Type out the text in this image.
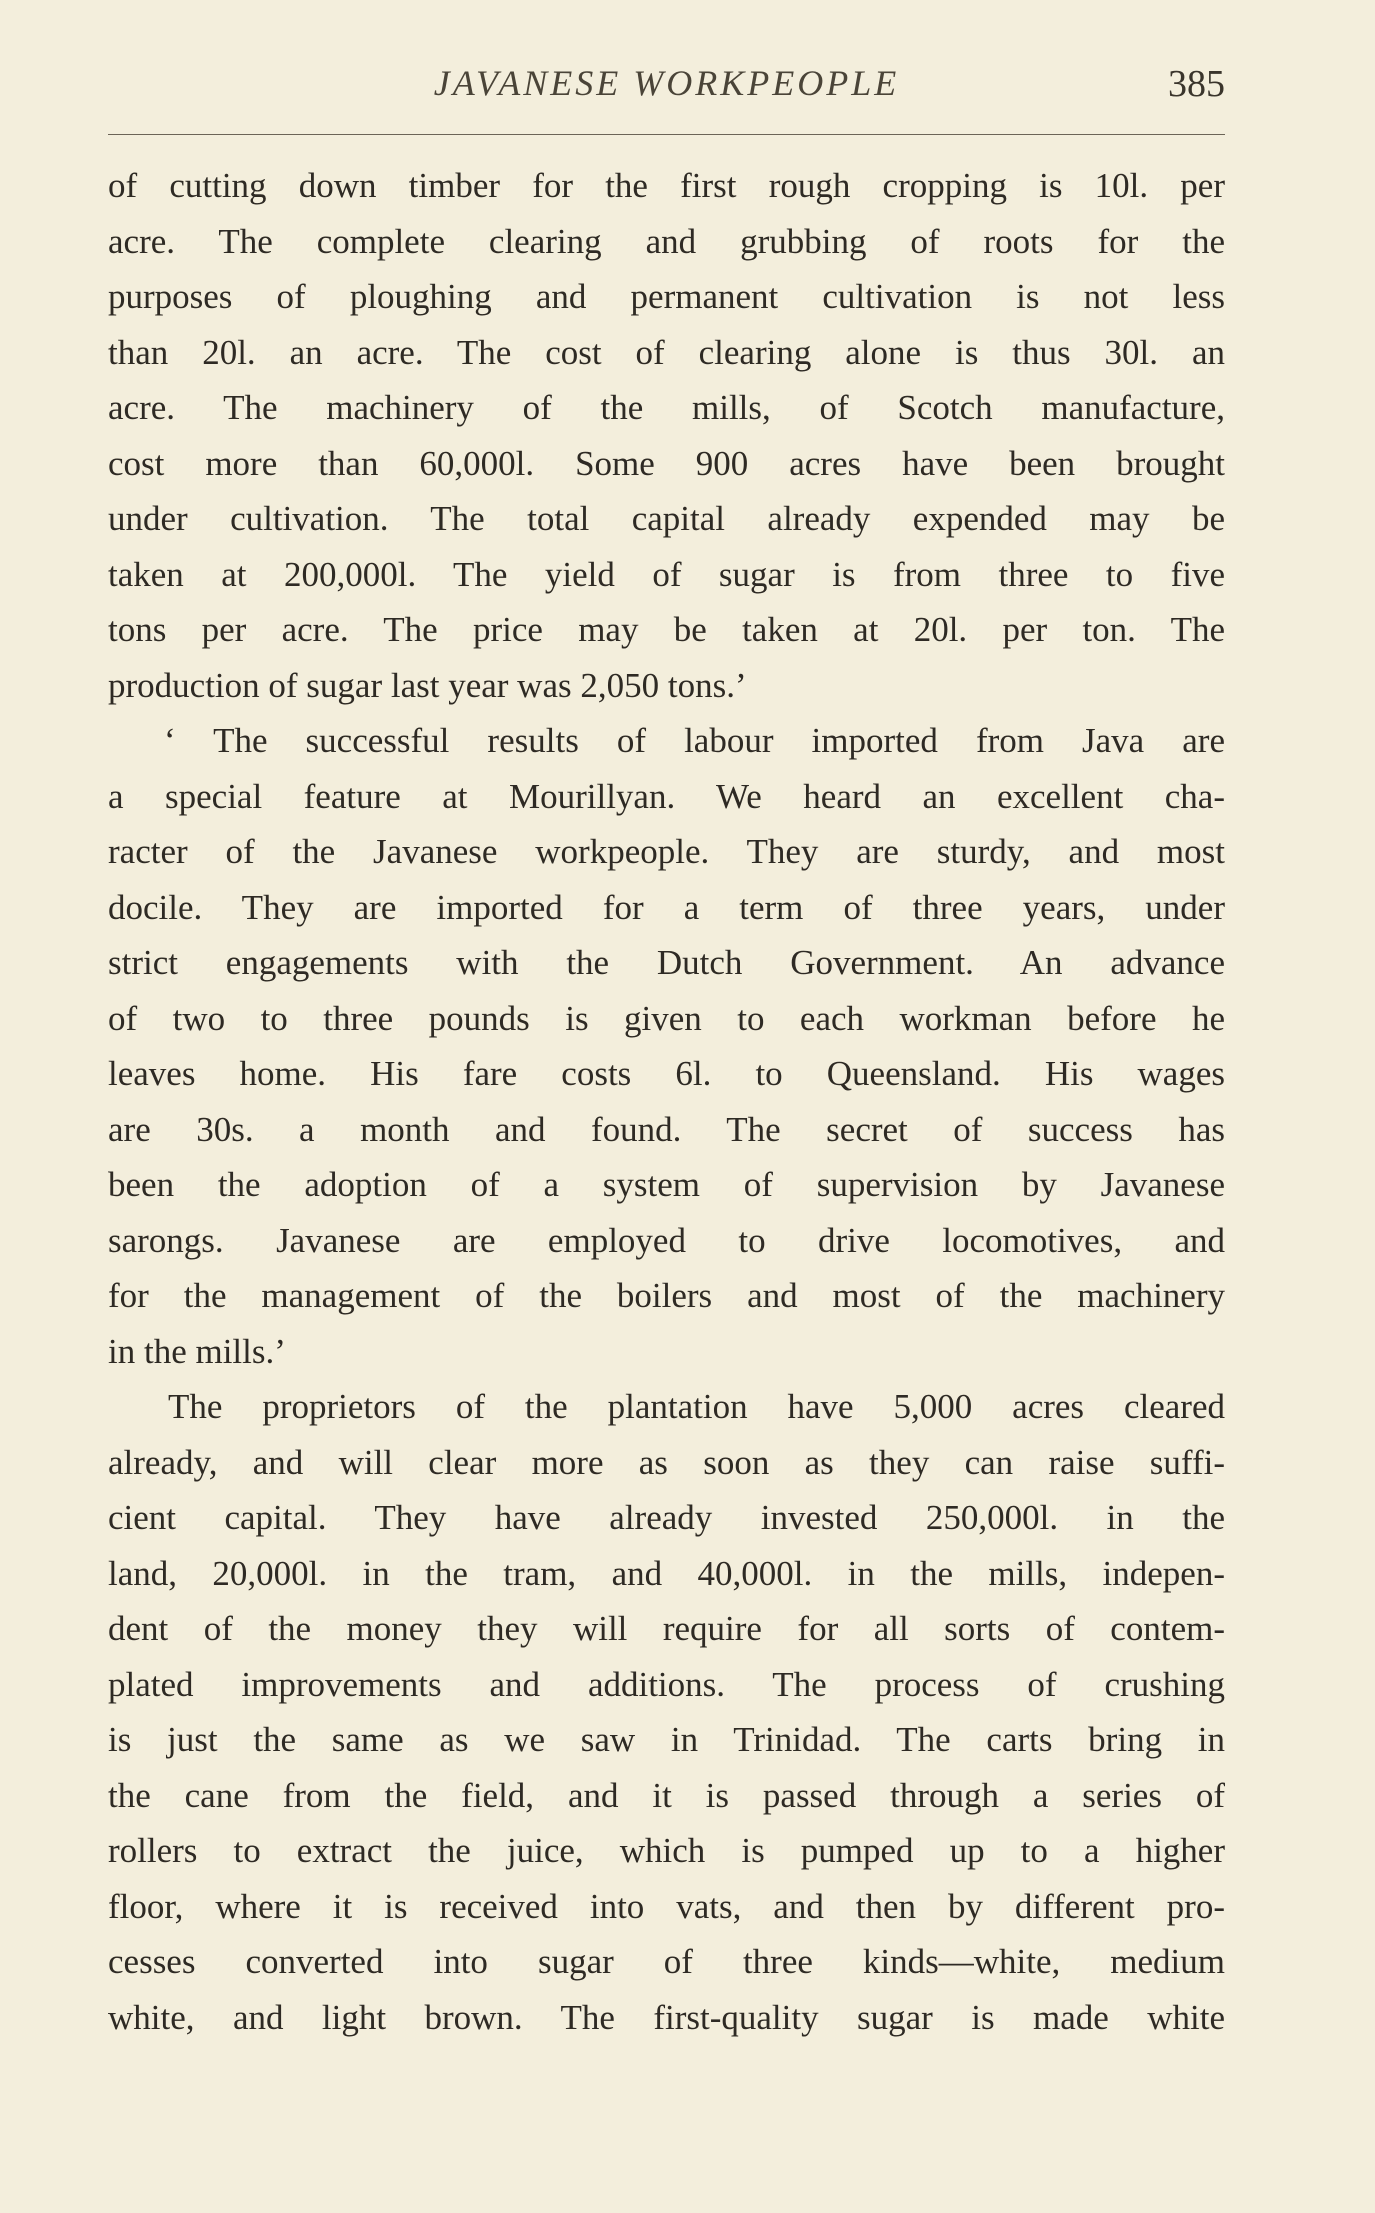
JAVANESE WORKPEOPLE	385
of cutting down timber for the first rough cropping is 10l. per
acre. The complete clearing and grubbing of roots for the
purposes of ploughing and permanent cultivation is not less
than 20l. an acre. The cost of clearing alone is thus 30l. an
acre. The machinery of the mills, of Scotch manufacture,
cost more than 60,000l. Some 900 acres have been brought
under cultivation. The total capital already expended may be
taken at 200,000l. The yield of sugar is from three to five
tons per acre. The price may be taken at 20l. per ton. The
production of sugar last year was 2,050 tons.’
‘ The successful results of labour imported from Java are
a special feature at Mourillyan. We heard an excellent cha-
racter of the Javanese workpeople. They are sturdy, and most
docile. They are imported for a term of three years, under
strict engagements with the Dutch Government. An advance
of two to three pounds is given to each workman before he
leaves home. His fare costs 6l. to Queensland. His wages
are 30s. a month and found. The secret of success has
been the adoption of a system of supervision by Javanese
sarongs. Javanese are employed to drive locomotives, and
for the management of the boilers and most of the machinery
in the mills.’
The proprietors of the plantation have 5,000 acres cleared
already, and will clear more as soon as they can raise suffi-
cient capital. They have already invested 250,000l. in the
land, 20,000l. in the tram, and 40,000l. in the mills, indepen-
dent of the money they will require for all sorts of contem-
plated improvements and additions. The process of crushing
is just the same as we saw in Trinidad. The carts bring in
the cane from the field, and it is passed through a series of
rollers to extract the juice, which is pumped up to a higher
floor, where it is received into vats, and then by different pro-
cesses converted into sugar of three kinds—white, medium
white, and light brown. The first-quality sugar is made white
